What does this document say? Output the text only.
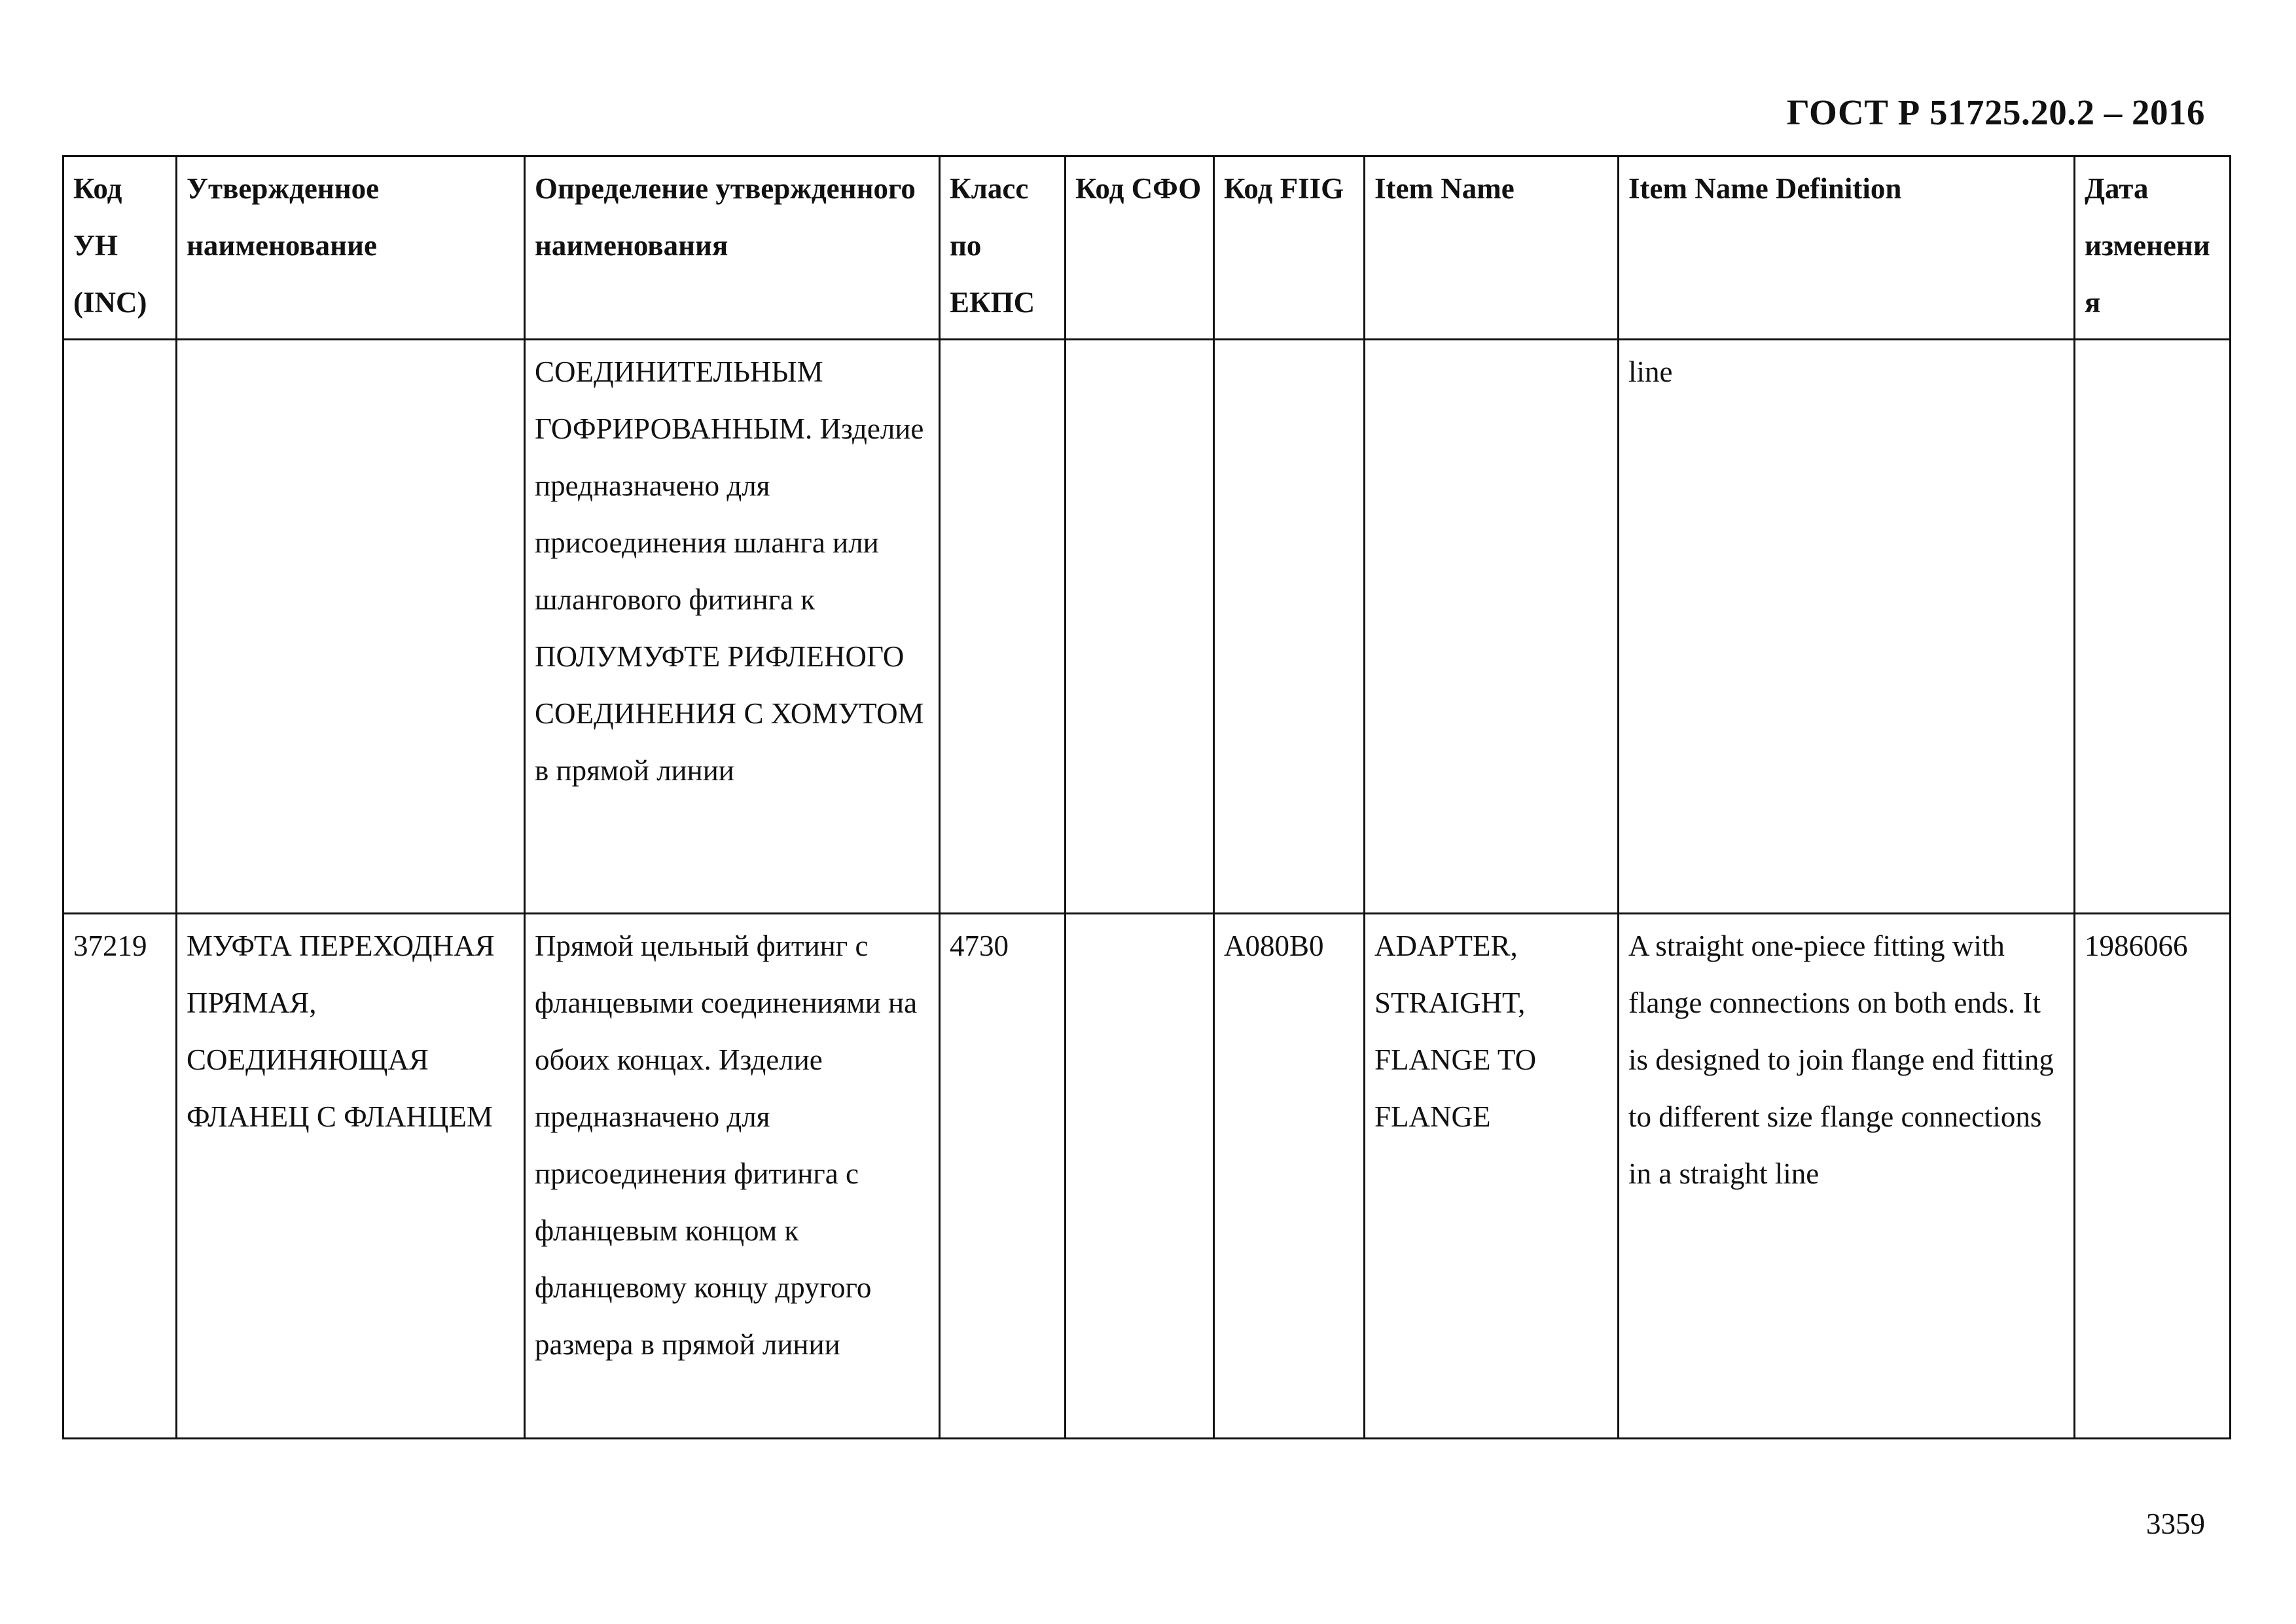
ГОСТ Р 51725.20.2 – 2016
Код УН (INC)	Утвержденное наименование	Определение утвержденного наименования	Класс по ЕКПС	Код СФО	Код FIIG	Item Name	Item Name Definition	Дата изменения
		СОЕДИНИТЕЛЬНЫМ ГОФРИРОВАННЫМ. Изделие предназначено для присоединения шланга или шлангового фитинга к ПОЛУМУФТЕ РИФЛЕНОГО СОЕДИНЕНИЯ С ХОМУТОМ в прямой линии					line	
37219	МУФТА ПЕРЕХОДНАЯ ПРЯМАЯ, СОЕДИНЯЮЩАЯ ФЛАНЕЦ С ФЛАНЦЕМ	Прямой цельный фитинг с фланцевыми соединениями на обоих концах. Изделие предназначено для присоединения фитинга с фланцевым концом к фланцевому концу другого размера в прямой линии	4730		A080B0	ADAPTER, STRAIGHT, FLANGE TO FLANGE	A straight one-piece fitting with flange connections on both ends. It is designed to join flange end fitting to different size flange connections in a straight line	1986066
3359
